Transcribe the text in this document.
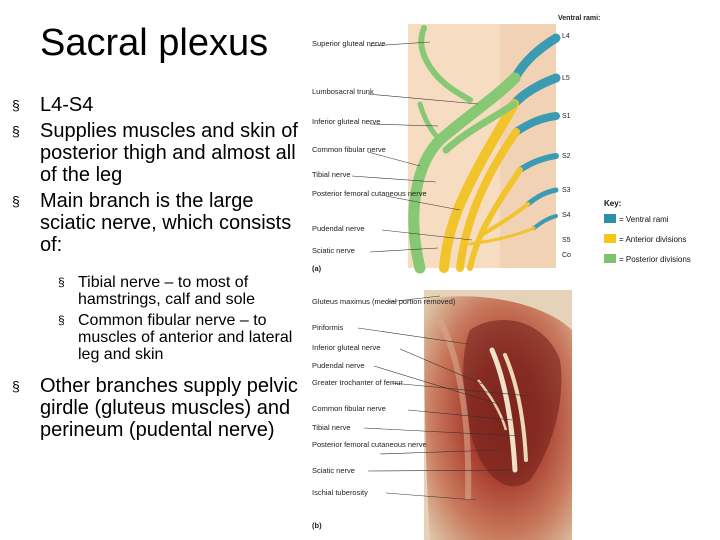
Sacral plexus
§ L4-S4
§ Supplies muscles and skin of posterior thigh and almost all of the leg
§ Main branch is the large sciatic nerve, which consists of:
§ Tibial nerve – to most of hamstrings, calf and sole
§ Common fibular nerve – to muscles of anterior and lateral leg and skin
§ Other branches supply pelvic girdle (gluteus muscles) and perineum (pudental nerve)
Superior gluteal nerve
Lumbosacral trunk
Inferior gluteal nerve
Common fibular nerve
Tibial nerve
Posterior femoral cutaneous nerve
Pudendal nerve
Sciatic nerve
(a)
Ventral rami:
L4
L5
S1
S2
S3
S4
S5
Co
Key:
= Ventral rami
= Anterior divisions
= Posterior divisions
Gluteus maximus (medial portion removed)
Piriformis
Inferior gluteal nerve
Pudendal nerve
Greater trochanter of femur
Common fibular nerve
Tibial nerve
Posterior femoral cutaneous nerve
Sciatic nerve
Ischial tuberosity
(b)
